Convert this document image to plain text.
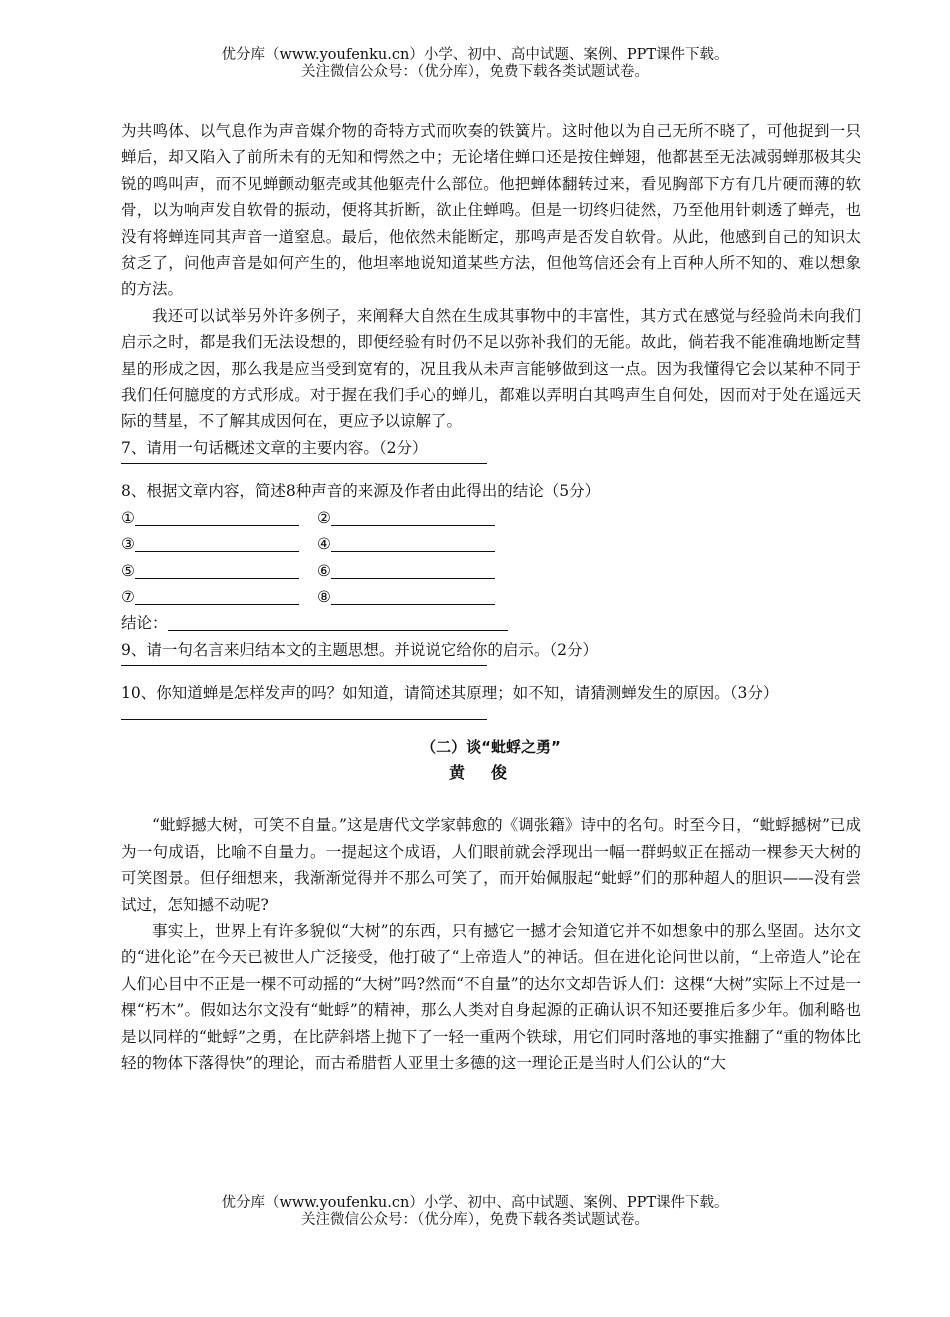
优分库（www.youfenku.cn）小学、初中、高中试题、案例、PPT课件下载。
关注微信公众号：（优分库），免费下载各类试题试卷。

为共鸣体、以气息作为声音媒介物的奇特方式而吹奏的铁簧片。这时他以为自己无所不晓了，可他捉到一只蝉后，却又陷入了前所未有的无知和愕然之中；无论堵住蝉口还是按住蝉翅，他都甚至无法减弱蝉那极其尖锐的鸣叫声，而不见蝉颤动躯壳或其他躯壳什么部位。他把蝉体翻转过来，看见胸部下方有几片硬而薄的软骨，以为响声发自软骨的振动，便将其折断，欲止住蝉鸣。但是一切终归徒然，乃至他用针刺透了蝉壳，也没有将蝉连同其声音一道窒息。最后，他依然未能断定，那鸣声是否发自软骨。从此，他感到自己的知识太贫乏了，问他声音是如何产生的，他坦率地说知道某些方法，但他笃信还会有上百种人所不知的、难以想象的方法。

我还可以试举另外许多例子，来阐释大自然在生成其事物中的丰富性，其方式在感觉与经验尚未向我们启示之时，都是我们无法设想的，即便经验有时仍不足以弥补我们的无能。故此，倘若我不能准确地断定彗星的形成之因，那么我是应当受到宽宥的，况且我从未声言能够做到这一点。因为我懂得它会以某种不同于我们任何臆度的方式形成。对于握在我们手心的蝉儿，都难以弄明白其鸣声生自何处，因而对于处在遥远天际的彗星，不了解其成因何在，更应予以谅解了。

7、请用一句话概述文章的主要内容。（2分）

8、根据文章内容，简述8种声音的来源及作者由此得出的结论（5分）

①	②
③	④
⑤	⑥
⑦	⑧
结论：

9、请一句名言来归结本文的主题思想。并说说它给你的启示。（2分）

10、你知道蝉是怎样发声的吗？如知道，请简述其原理；如不知，请猜测蝉发生的原因。（3分）

（二）谈“蚍蜉之勇”
黄俊

“蚍蜉撼大树，可笑不自量。”这是唐代文学家韩愈的《调张籍》诗中的名句。时至今日，“蚍蜉撼树”已成为一句成语，比喻不自量力。一提起这个成语，人们眼前就会浮现出一幅一群蚂蚁正在摇动一棵参天大树的可笑图景。但仔细想来，我渐渐觉得并不那么可笑了，而开始佩服起“蚍蜉”们的那种超人的胆识——没有尝试过，怎知撼不动呢?

事实上，世界上有许多貌似“大树”的东西，只有撼它一撼才会知道它并不如想象中的那么坚固。达尔文的“进化论”在今天已被世人广泛接受，他打破了“上帝造人”的神话。但在进化论问世以前，“上帝造人”论在人们心目中不正是一棵不可动摇的“大树”吗?然而“不自量”的达尔文却告诉人们：这棵“大树”实际上不过是一棵“朽木”。假如达尔文没有“蚍蜉”的精神，那么人类对自身起源的正确认识不知还要推后多少年。伽利略也是以同样的“蚍蜉”之勇，在比萨斜塔上抛下了一轻一重两个铁球，用它们同时落地的事实推翻了“重的物体比轻的物体下落得快”的理论，而古希腊哲人亚里士多德的这一理论正是当时人们公认的“大

优分库（www.youfenku.cn）小学、初中、高中试题、案例、PPT课件下载。
关注微信公众号：（优分库），免费下载各类试题试卷。
